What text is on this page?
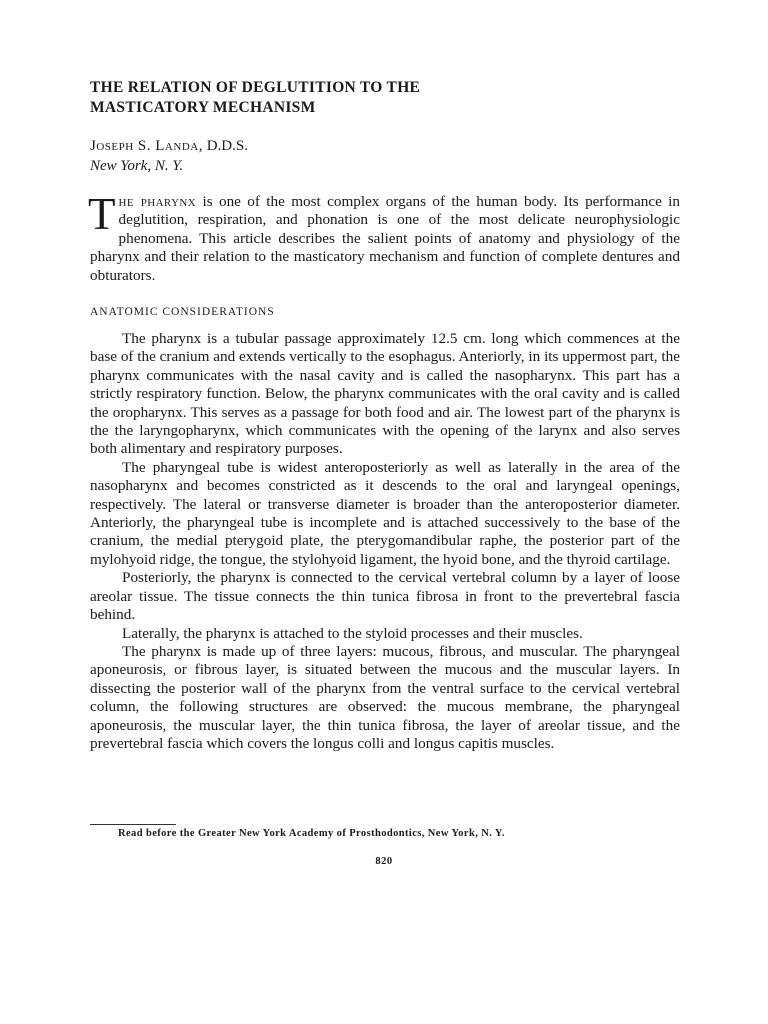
THE RELATION OF DEGLUTITION TO THE
MASTICATORY MECHANISM
Joseph S. Landa, D.D.S.
New York, N. Y.
The pharynx is one of the most complex organs of the human body. Its performance in deglutition, respiration, and phonation is one of the most delicate neurophysiologic phenomena. This article describes the salient points of anatomy and physiology of the pharynx and their relation to the masticatory mechanism and function of complete dentures and obturators.
ANATOMIC CONSIDERATIONS

The pharynx is a tubular passage approximately 12.5 cm. long which commences at the base of the cranium and extends vertically to the esophagus. Anteriorly, in its uppermost part, the pharynx communicates with the nasal cavity and is called the nasopharynx. This part has a strictly respiratory function. Below, the pharynx communicates with the oral cavity and is called the oropharynx. This serves as a passage for both food and air. The lowest part of the pharynx is the the laryngopharynx, which communicates with the opening of the larynx and also serves both alimentary and respiratory purposes.

The pharyngeal tube is widest anteroposteriorly as well as laterally in the area of the nasopharynx and becomes constricted as it descends to the oral and laryngeal openings, respectively. The lateral or transverse diameter is broader than the anteroposterior diameter. Anteriorly, the pharyngeal tube is incomplete and is attached successively to the base of the cranium, the medial pterygoid plate, the pterygomandibular raphe, the posterior part of the mylohyoid ridge, the tongue, the stylohyoid ligament, the hyoid bone, and the thyroid cartilage.

Posteriorly, the pharynx is connected to the cervical vertebral column by a layer of loose areolar tissue. The tissue connects the thin tunica fibrosa in front to the prevertebral fascia behind.

Laterally, the pharynx is attached to the styloid processes and their muscles.

The pharynx is made up of three layers: mucous, fibrous, and muscular. The pharyngeal aponeurosis, or fibrous layer, is situated between the mucous and the muscular layers. In dissecting the posterior wall of the pharynx from the ventral surface to the cervical vertebral column, the following structures are observed: the mucous membrane, the pharyngeal aponeurosis, the muscular layer, the thin tunica fibrosa, the layer of areolar tissue, and the prevertebral fascia which covers the longus colli and longus capitis muscles.

Read before the Greater New York Academy of Prosthodontics, New York, N. Y.
820
